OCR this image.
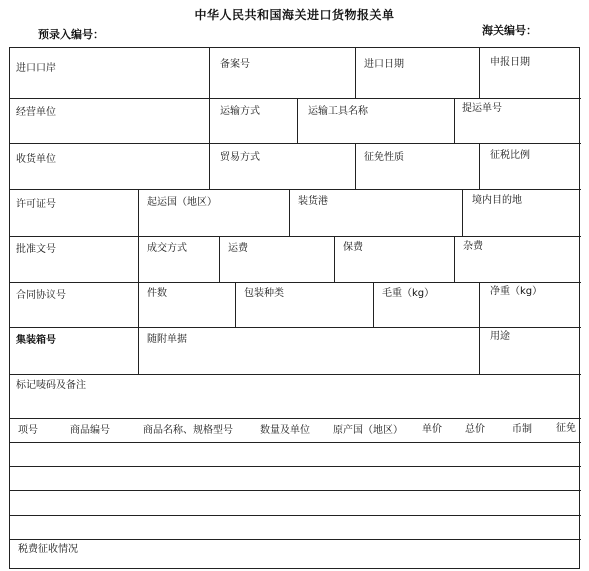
中华人民共和国海关进口货物报关单
预录入编号：	海关编号：
进口口岸	备案号	进口日期	申报日期
经营单位	运输方式	运输工具名称	提运单号
收货单位	贸易方式	征免性质	征税比例
许可证号	起运国（地区）	装货港	境内目的地
批准文号	成交方式	运费	保费	杂费
合同协议号	件数	包装种类	毛重（kg）	净重（kg）
集装箱号	随附单据	用途
标记唛码及备注
项号	商品编号	商品名称、规格型号	数量及单位 原产国（地区） 单价 总价	币制 征免
税费征收情况
